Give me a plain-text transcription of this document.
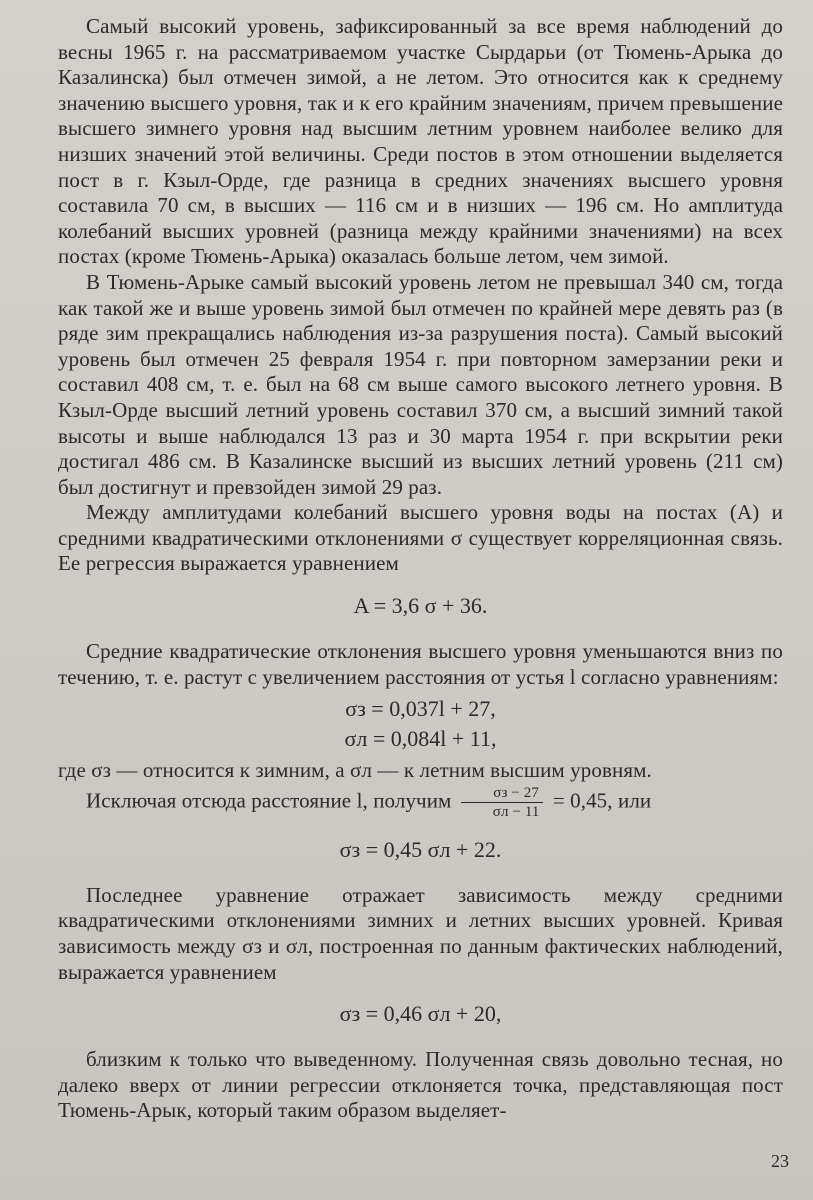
Самый высокий уровень, зафиксированный за все время наблюдений до весны 1965 г. на рассматриваемом участке Сырдарьи (от Тюмень-Арыка до Казалинска) был отмечен зимой, а не летом. Это относится как к среднему значению высшего уровня, так и к его крайним значениям, причем превышение высшего зимнего уровня над высшим летним уровнем наиболее велико для низших значений этой величины. Среди постов в этом отношении выделяется пост в г. Кзыл-Орде, где разница в средних значениях высшего уровня составила 70 см, в высших — 116 см и в низших — 196 см. Но амплитуда колебаний высших уровней (разница между крайними значениями) на всех постах (кроме Тюмень-Арыка) оказалась больше летом, чем зимой.

В Тюмень-Арыке самый высокий уровень летом не превышал 340 см, тогда как такой же и выше уровень зимой был отмечен по крайней мере девять раз (в ряде зим прекращались наблюдения из-за разрушения поста). Самый высокий уровень был отмечен 25 февраля 1954 г. при повторном замерзании реки и составил 408 см, т. е. был на 68 см выше самого высокого летнего уровня. В Кзыл-Орде высший летний уровень составил 370 см, а высший зимний такой высоты и выше наблюдался 13 раз и 30 марта 1954 г. при вскрытии реки достигал 486 см. В Казалинске высший из высших летний уровень (211 см) был достигнут и превзойден зимой 29 раз.

Между амплитудами колебаний высшего уровня воды на постах (A) и средними квадратическими отклонениями σ существует корреляционная связь. Ее регрессия выражается уравнением

A = 3,6 σ + 36.

Средние квадратические отклонения высшего уровня уменьшаются вниз по течению, т. е. растут с увеличением расстояния от устья l согласно уравнениям:

σз = 0,037l + 27,

σл = 0,084l + 11,

где σз — относится к зимним, а σл — к летним высшим уровням.

Исключая отсюда расстояние l, получим $\frac{\sigma з - 27}{\sigma л - 11} = 0,45$, или

σз = 0,45 σл + 22.

Последнее уравнение отражает зависимость между средними квадратическими отклонениями зимних и летних высших уровней. Кривая зависимость между σз и σл, построенная по данным фактических наблюдений, выражается уравнением

σз = 0,46 σл + 20,

близким к только что выведенному. Полученная связь довольно тесная, но далеко вверх от линии регрессии отклоняется точка, представляющая пост Тюмень-Арык, который таким образом выделяет-

23
